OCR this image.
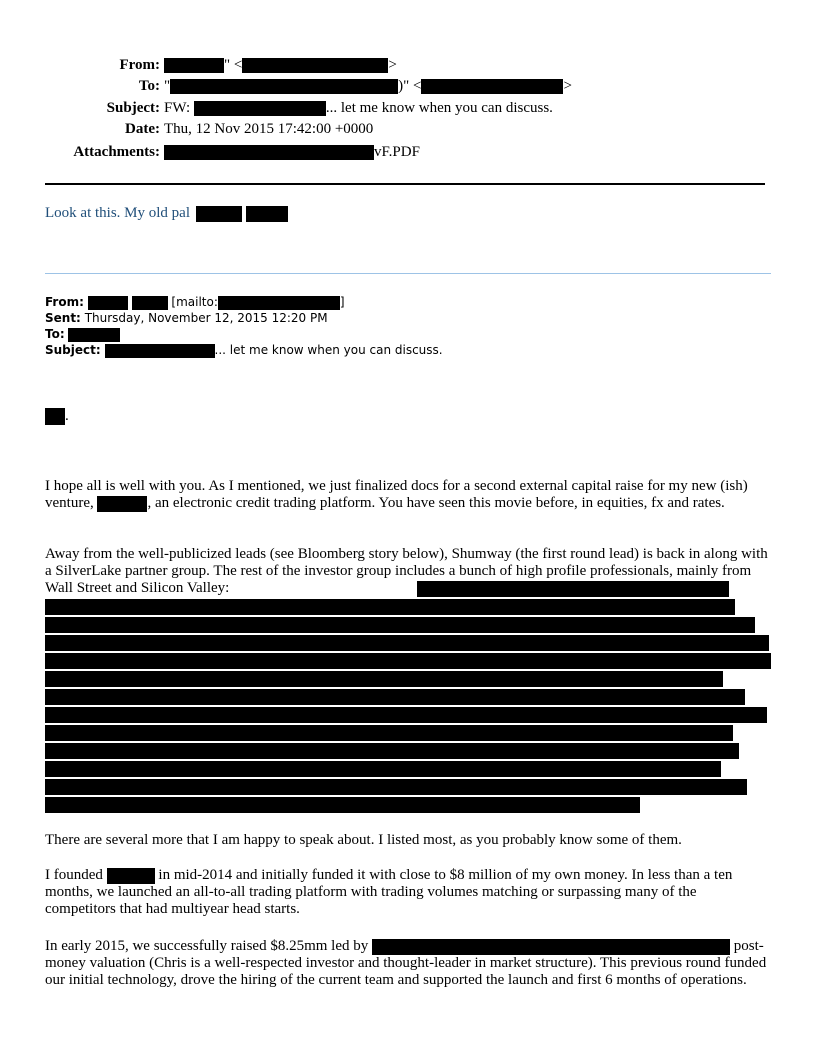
From:	" <	>
To: "	)" <	>
Subject: FW:	... let me know when you can discuss.
Date: Thu, 12 Nov 2015 17:42:00 +0000
Attachments:	vF.PDF
Look at this. My old pal
From:	[mailto:	]
Sent: Thursday, November 12, 2015 12:20 PM
To:
Subject:	... let me know when you can discuss.
.
I hope all is well with you. As I mentioned, we just finalized docs for a second external capital raise for my new (ish) venture,	, an electronic credit trading platform. You have seen this movie before, in equities, fx and rates.
Away from the well-publicized leads (see Bloomberg story below), Shumway (the first round lead) is back in along with a SilverLake partner group. The rest of the investor group includes a bunch of high profile professionals, mainly from Wall Street and Silicon Valley:
There are several more that I am happy to speak about. I listed most, as you probably know some of them.
I founded	in mid-2014 and initially funded it with close to $8 million of my own money. In less than a ten months, we launched an all-to-all trading platform with trading volumes matching or surpassing many of the competitors that had multiyear head starts.
In early 2015, we successfully raised $8.25mm led by	post-money valuation (Chris is a well-respected investor and thought-leader in market structure). This previous round funded our initial technology, drove the hiring of the current team and supported the launch and first 6 months of operations.
